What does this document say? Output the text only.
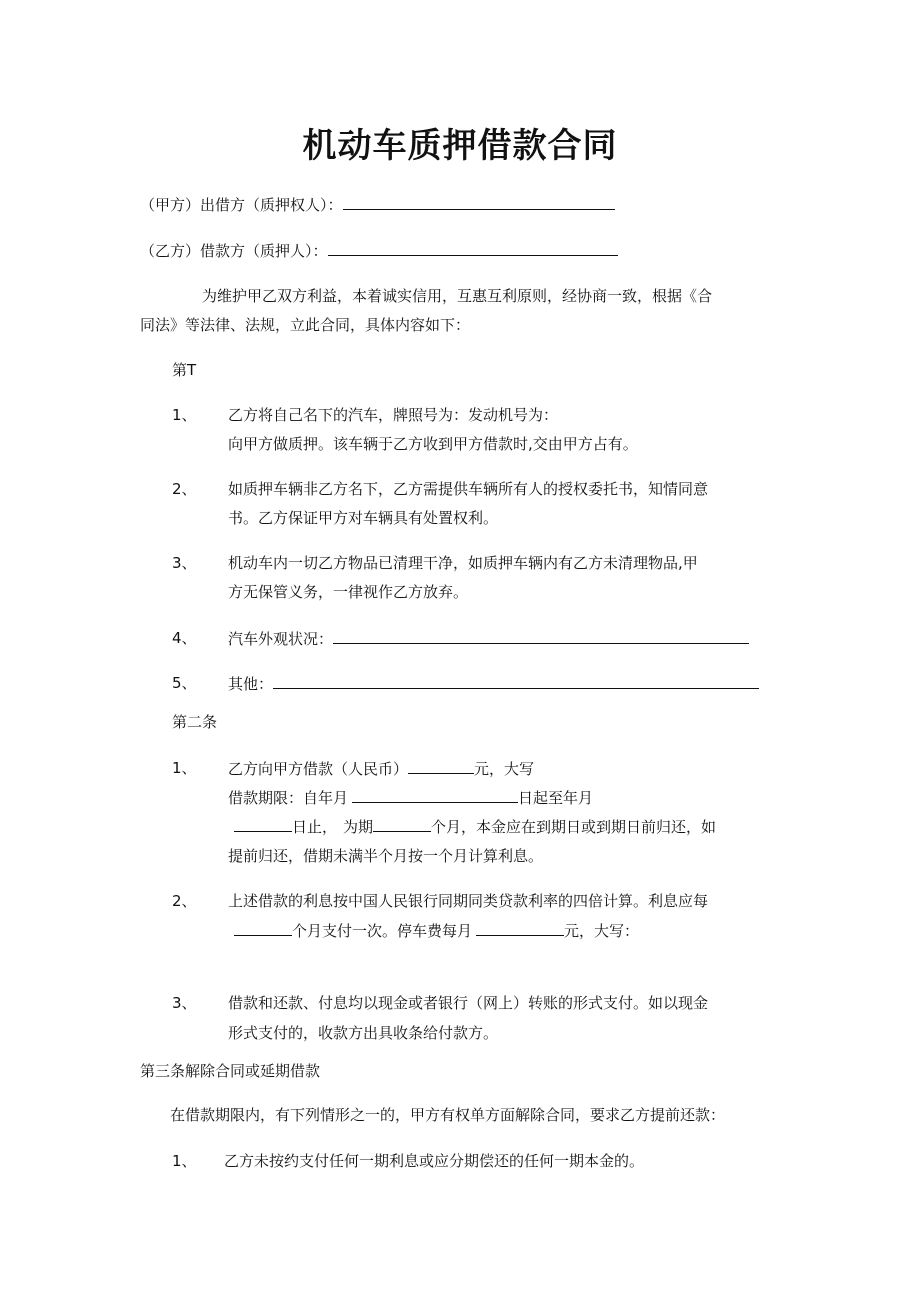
机动车质押借款合同
（甲方）出借方（质押权人）：
（乙方）借款方（质押人）：
为维护甲乙双方利益，本着诚实信用，互惠互利原则，经协商一致，根据《合
同法》等法律、法规，立此合同，具体内容如下：
第T
1、 乙方将自己名下的汽车，牌照号为：发动机号为：
向甲方做质押。该车辆于乙方收到甲方借款时,交由甲方占有。
2、 如质押车辆非乙方名下，乙方需提供车辆所有人的授权委托书，知情同意
书。乙方保证甲方对车辆具有处置权利。
3、 机动车内一切乙方物品已清理干净，如质押车辆内有乙方未清理物品,甲
方无保管义务，一律视作乙方放弃。
4、 汽车外观状况：
5、 其他：
第二条
1、 乙方向甲方借款（人民币）	元，大写
借款期限：自年月	日起至年月
日止， 为期	个月，本金应在到期日或到期日前归还，如
提前归还，借期未满半个月按一个月计算利息。
2、 上述借款的利息按中国人民银行同期同类贷款利率的四倍计算。利息应每
个月支付一次。停车费每月	元，大写：
3、 借款和还款、付息均以现金或者银行（网上）转账的形式支付。如以现金
形式支付的，收款方出具收条给付款方。
第三条解除合同或延期借款
在借款期限内，有下列情形之一的，甲方有权单方面解除合同，要求乙方提前还款：
1、 乙方未按约支付任何一期利息或应分期偿还的任何一期本金的。
